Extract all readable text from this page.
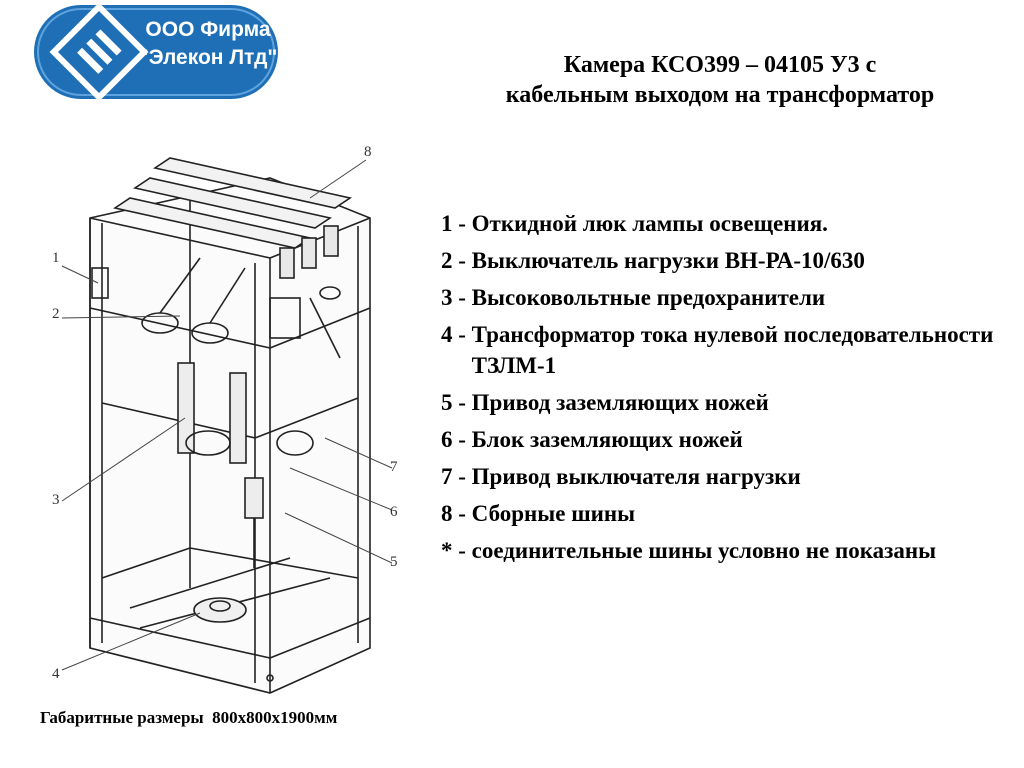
ООО Фирма
"Элекон Лтд"	Камера КСО399 – 04105 У3 с
кабельным выходом на трансформатор
1
2
3
4
5
6
7
8
1 - Откидной люк лампы освещения.
2 - Выключатель нагрузки ВН-РА-10/630
3 - Высоковольтные предохранители
4 - Трансформатор тока нулевой последовательности ТЗЛМ-1
5 - Привод заземляющих ножей
6 - Блок заземляющих ножей
7 - Привод выключателя нагрузки
8 - Сборные шины
* - соединительные шины условно не показаны
Габаритные размеры  800х800х1900мм
